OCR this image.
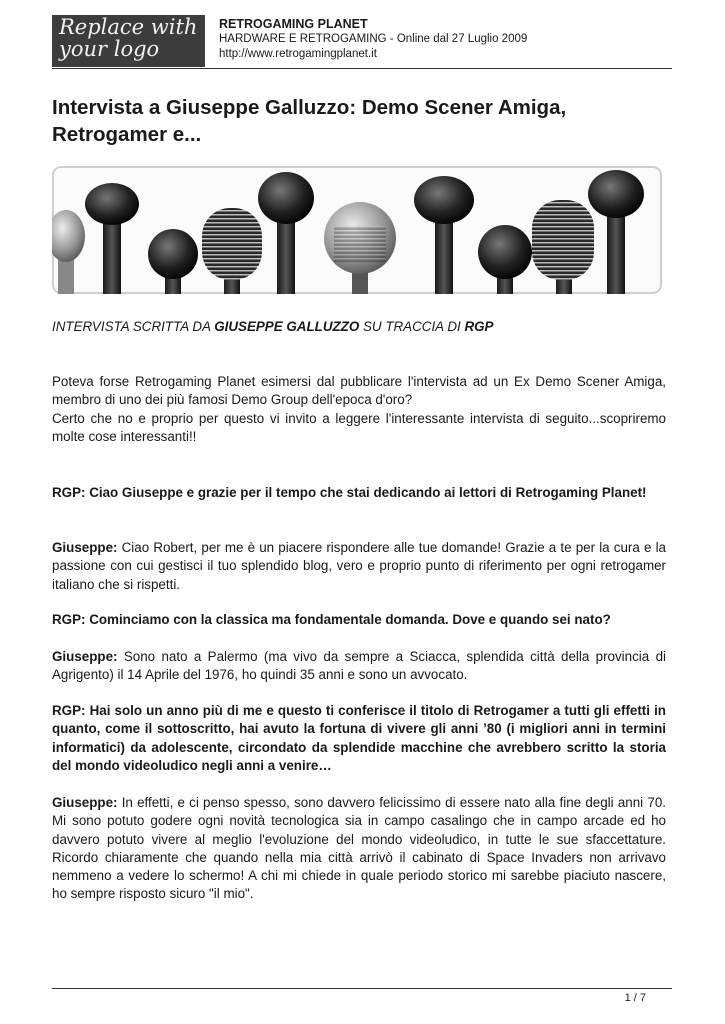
Replace with
your logo
RETROGAMING PLANET
HARDWARE E RETROGAMING - Online dal 27 Luglio 2009
http://www.retrogamingplanet.it
Intervista a Giuseppe Galluzzo: Demo Scener Amiga, Retrogamer e...
INTERVISTA SCRITTA DA GIUSEPPE GALLUZZO SU TRACCIA DI RGP
Poteva forse Retrogaming Planet esimersi dal pubblicare l'intervista ad un Ex Demo Scener Amiga, membro di uno dei più famosi Demo Group dell'epoca d'oro?
Certo che no e proprio per questo vi invito a leggere l'interessante intervista di seguito...scopriremo molte cose interessanti!!
RGP: Ciao Giuseppe e grazie per il tempo che stai dedicando ai lettori di Retrogaming Planet!
Giuseppe: Ciao Robert, per me è un piacere rispondere alle tue domande! Grazie a te per la cura e la passione con cui gestisci il tuo splendido blog, vero e proprio punto di riferimento per ogni retrogamer italiano che si rispetti.
RGP: Cominciamo con la classica ma fondamentale domanda. Dove e quando sei nato?
Giuseppe: Sono nato a Palermo (ma vivo da sempre a Sciacca, splendida città della provincia di Agrigento) il 14 Aprile del 1976, ho quindi 35 anni e sono un avvocato.
RGP: Hai solo un anno più di me e questo ti conferisce il titolo di Retrogamer a tutti gli effetti in quanto, come il sottoscritto, hai avuto la fortuna di vivere gli anni ’80 (i migliori anni in termini informatici) da adolescente, circondato da splendide macchine che avrebbero scritto la storia del mondo videoludico negli anni a venire…
Giuseppe: In effetti, e ci penso spesso, sono davvero felicissimo di essere nato alla fine degli anni 70. Mi sono potuto godere ogni novità tecnologica sia in campo casalingo che in campo arcade ed ho davvero potuto vivere al meglio l'evoluzione del mondo videoludico, in tutte le sue sfaccettature. Ricordo chiaramente che quando nella mia città arrivò il cabinato di Space Invaders non arrivavo nemmeno a vedere lo schermo! A chi mi chiede in quale periodo storico mi sarebbe piaciuto nascere, ho sempre risposto sicuro "il mio".
1 / 7
